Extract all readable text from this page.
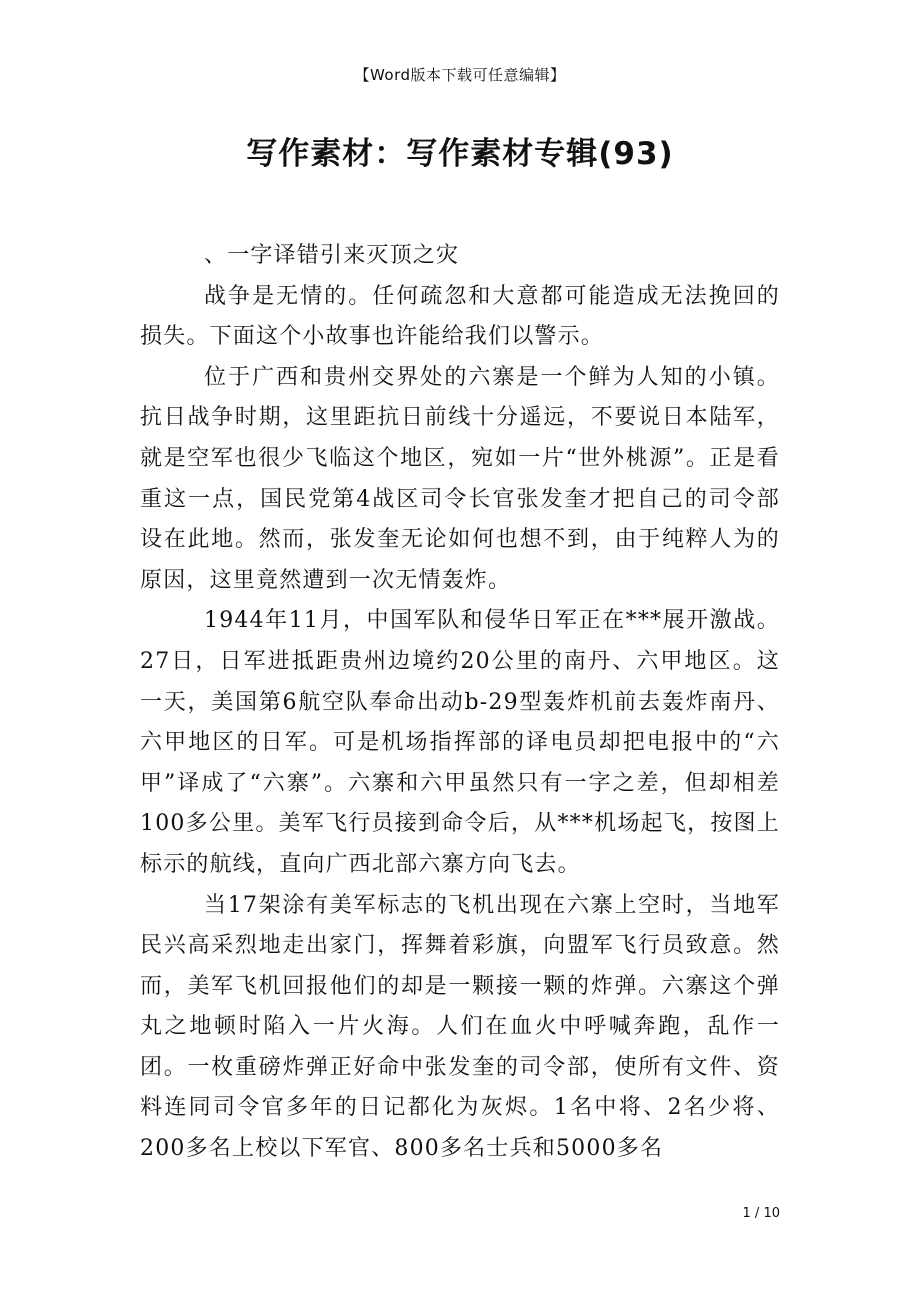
【Word版本下载可任意编辑】
写作素材：写作素材专辑(93)

、一字译错引来灭顶之灾

战争是无情的。任何疏忽和大意都可能造成无法挽回的损失。下面这个小故事也许能给我们以警示。

位于广西和贵州交界处的六寨是一个鲜为人知的小镇。抗日战争时期，这里距抗日前线十分遥远，不要说日本陆军，就是空军也很少飞临这个地区，宛如一片“世外桃源”。正是看重这一点，国民党第4战区司令长官张发奎才把自己的司令部设在此地。然而，张发奎无论如何也想不到，由于纯粹人为的原因，这里竟然遭到一次无情轰炸。

1944年11月，中国军队和侵华日军正在***展开激战。27日，日军进抵距贵州边境约20公里的南丹、六甲地区。这一天，美国第6航空队奉命出动b-29型轰炸机前去轰炸南丹、六甲地区的日军。可是机场指挥部的译电员却把电报中的“六甲”译成了“六寨”。六寨和六甲虽然只有一字之差，但却相差100多公里。美军飞行员接到命令后，从***机场起飞，按图上标示的航线，直向广西北部六寨方向飞去。

当17架涂有美军标志的飞机出现在六寨上空时，当地军民兴高采烈地走出家门，挥舞着彩旗，向盟军飞行员致意。然而，美军飞机回报他们的却是一颗接一颗的炸弹。六寨这个弹丸之地顿时陷入一片火海。人们在血火中呼喊奔跑，乱作一团。一枚重磅炸弹正好命中张发奎的司令部，使所有文件、资料连同司令官多年的日记都化为灰烬。1名中将、2名少将、200多名上校以下军官、800多名士兵和5000多名

1 / 10
